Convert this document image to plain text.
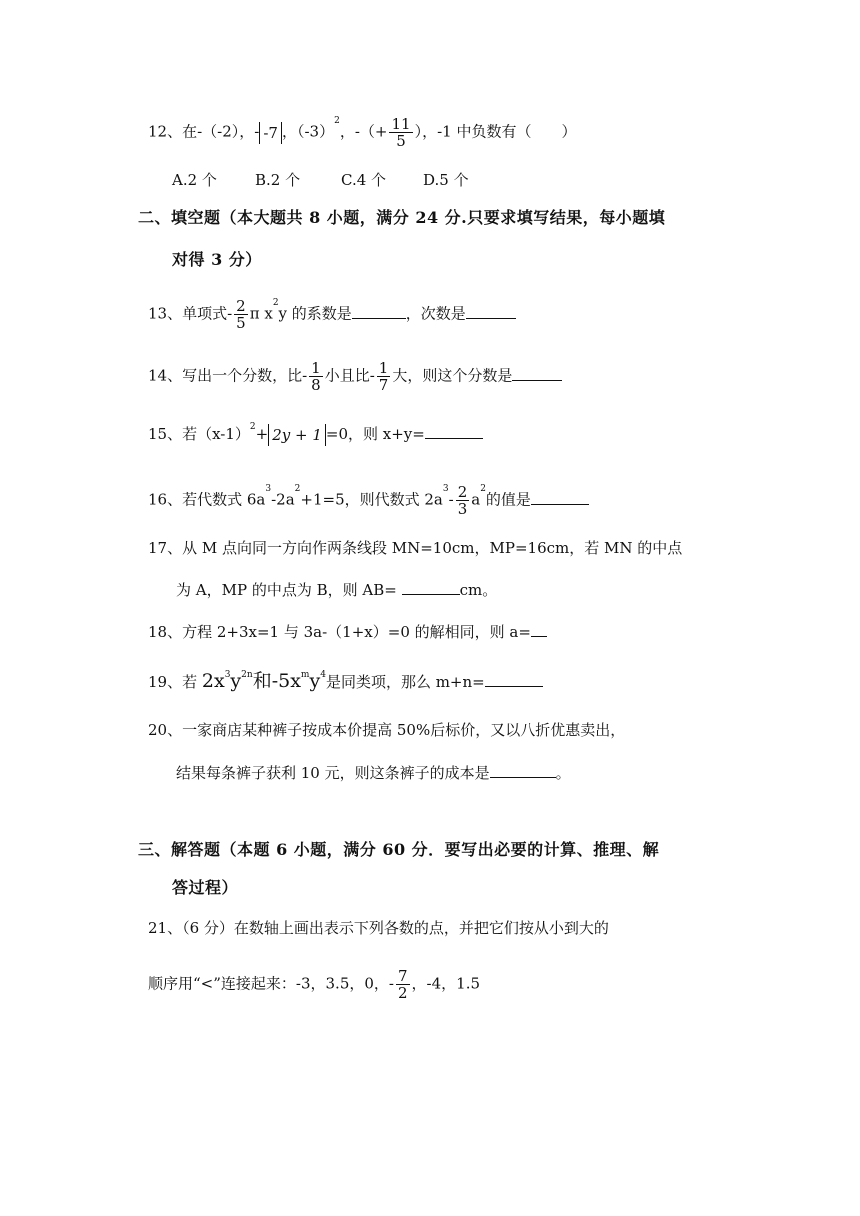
12、在-（-2），- -7 ，$(-3)^2$，-（+ $\frac{11}{5}$ ），-1 中负数有（　　）
A.2 个	B.2 个	C.4 个 D.5 个
二、填空题（本大题共 8 小题，满分 24 分.只要求填写结果，每小题填
对得 3 分）
13、单项式- $\frac{2}{5}$ π $x^2y$ 的系数是	，次数是
14、写出一个分数，比- $\frac{1}{8}$ 小且比- $\frac{1}{7}$ 大，则这个分数是
15、若$(x-1)^2+ 2y + 1 =0$，则 x+y=
16、若代数式 $6a^3-2a^2+1=5$，则代数式 $2a^3- \frac{2}{3} a^2$的值是
17、从 M 点向同一方向作两条线段 MN=10cm，MP=16cm，若 MN 的中点
为 A，MP 的中点为 B，则 AB=	cm。
18、方程 2+3x=1 与 3a-（1+x）=0 的解相同，则 a=
19、若 $2x^3y^{2n}$和$-5x^my^4$是同类项，那么 m+n=
20、一家商店某种裤子按成本价提高 50%后标价，又以八折优惠卖出，
结果每条裤子获利 10 元，则这条裤子的成本是	。
三、解答题（本题 6 小题，满分 60 分．要写出必要的计算、推理、解
答过程）
21、（6 分）在数轴上画出表示下列各数的点，并把它们按从小到大的
顺序用“<”连接起来：-3，3.5，0，- $\frac{7}{2}$ ，-4，1.5
